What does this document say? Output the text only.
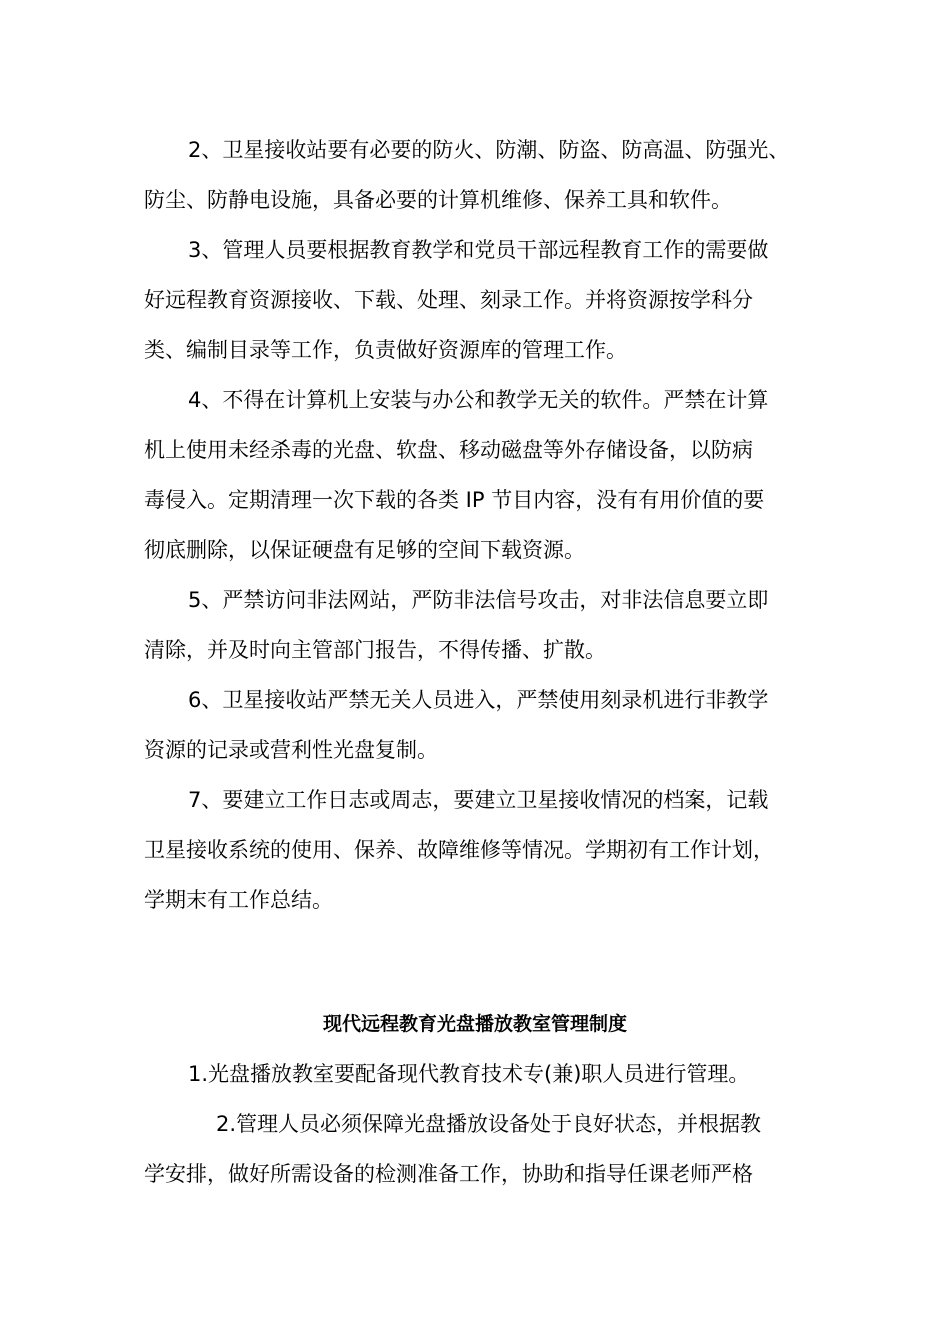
2、卫星接收站要有必要的防火、防潮、防盗、防高温、防强光、
防尘、防静电设施，具备必要的计算机维修、保养工具和软件。
3、管理人员要根据教育教学和党员干部远程教育工作的需要做
好远程教育资源接收、下载、处理、刻录工作。并将资源按学科分
类、编制目录等工作，负责做好资源库的管理工作。
4、不得在计算机上安装与办公和教学无关的软件。严禁在计算
机上使用未经杀毒的光盘、软盘、移动磁盘等外存储设备，以防病
毒侵入。定期清理一次下载的各类 IP 节目内容，没有有用价值的要
彻底删除，以保证硬盘有足够的空间下载资源。
5、严禁访问非法网站，严防非法信号攻击，对非法信息要立即
清除，并及时向主管部门报告，不得传播、扩散。
6、卫星接收站严禁无关人员进入，严禁使用刻录机进行非教学
资源的记录或营利性光盘复制。
7、要建立工作日志或周志，要建立卫星接收情况的档案，记载
卫星接收系统的使用、保养、故障维修等情况。学期初有工作计划，
学期末有工作总结。
现代远程教育光盘播放教室管理制度
1.光盘播放教室要配备现代教育技术专(兼)职人员进行管理。
2.管理人员必须保障光盘播放设备处于良好状态，并根据教
学安排，做好所需设备的检测准备工作，协助和指导任课老师严格
